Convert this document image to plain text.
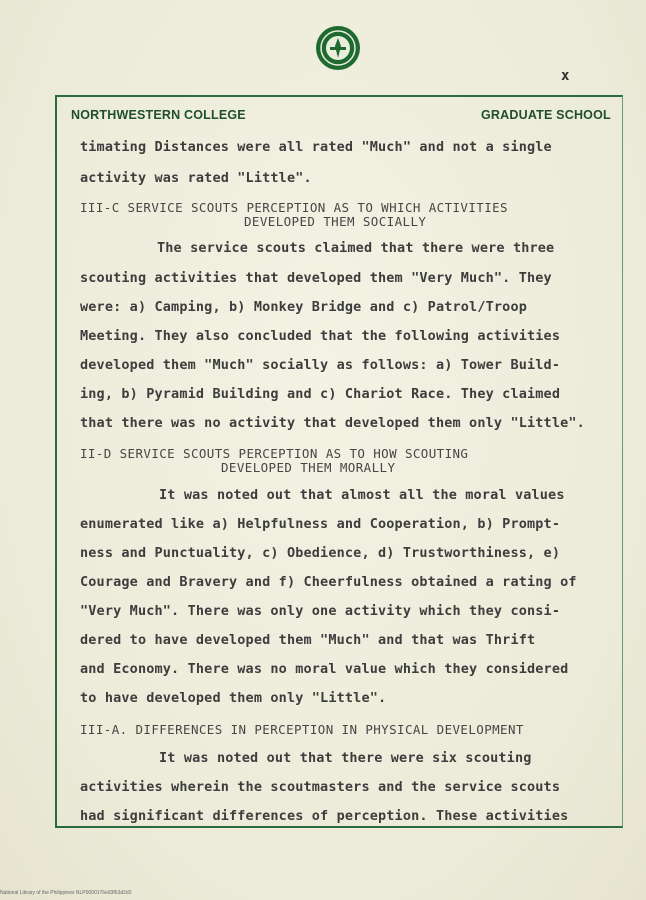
x
NORTHWESTERN COLLEGE	GRADUATE SCHOOL
timating Distances were all rated "Much" and not a single
activity was rated "Little".
III-C SERVICE SCOUTS PERCEPTION AS TO WHICH ACTIVITIES
DEVELOPED THEM SOCIALLY
The service scouts claimed that there were three
scouting activities that developed them "Very Much". They
were: a) Camping, b) Monkey Bridge and c) Patrol/Troop
Meeting. They also concluded that the following activities
developed them "Much" socially as follows: a) Tower Build-
ing, b) Pyramid Building and c) Chariot Race. They claimed
that there was no activity that developed them only "Little".
II-D SERVICE SCOUTS PERCEPTION AS TO HOW SCOUTING
DEVELOPED THEM MORALLY
It was noted out that almost all the moral values
enumerated like a) Helpfulness and Cooperation, b) Prompt-
ness and Punctuality, c) Obedience, d) Trustworthiness, e)
Courage and Bravery and f) Cheerfulness obtained a rating of
"Very Much". There was only one activity which they consi-
dered to have developed them "Much" and that was Thrift
and Economy. There was no moral value which they considered
to have developed them only "Little".
III-A. DIFFERENCES IN PERCEPTION IN PHYSICAL DEVELOPMENT
It was noted out that there were six scouting
activities wherein the scoutmasters and the service scouts
had significant differences of perception. These activities
National Library of the Philippines NLP0000176e93f63d2d2
